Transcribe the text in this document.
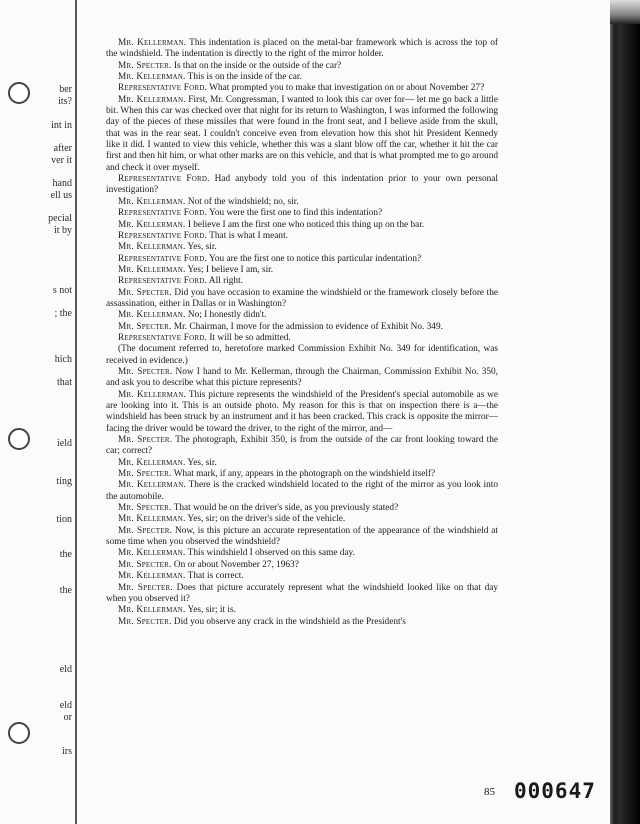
ber
its?
int in
after
ver it
hand
ell us
pecial
it by
s not
; the
hich
that
ield
ting
tion
the
the
eld
eld
or
irs

Mr. Kellerman. This indentation is placed on the metal-bar framework which is across the top of the windshield. The indentation is directly to the right of the mirror holder.

Mr. Specter. Is that on the inside or the outside of the car?

Mr. Kellerman. This is on the inside of the car.

Representative Ford. What prompted you to make that investigation on or about November 27?

Mr. Kellerman. First, Mr. Congressman, I wanted to look this car over for— let me go back a little bit. When this car was checked over that night for its return to Washington, I was informed the following day of the pieces of these missiles that were found in the front seat, and I believe aside from the skull, that was in the rear seat. I couldn't conceive even from elevation how this shot hit President Kennedy like it did. I wanted to view this vehicle, whether this was a slant blow off the car, whether it hit the car first and then hit him, or what other marks are on this vehicle, and that is what prompted me to go around and check it over myself.

Representative Ford. Had anybody told you of this indentation prior to your own personal investigation?

Mr. Kellerman. Not of the windshield; no, sir.

Representative Ford. You were the first one to find this indentation?

Mr. Kellerman. I believe I am the first one who noticed this thing up on the bar.

Representative Ford. That is what I meant.

Mr. Kellerman. Yes, sir.

Representative Ford. You are the first one to notice this particular indentation?

Mr. Kellerman. Yes; I believe I am, sir.

Representative Ford. All right.

Mr. Specter. Did you have occasion to examine the windshield or the framework closely before the assassination, either in Dallas or in Washington?

Mr. Kellerman. No; I honestly didn't.

Mr. Specter. Mr. Chairman, I move for the admission to evidence of Exhibit No. 349.

Representative Ford. It will be so admitted.

(The document referred to, heretofore marked Commission Exhibit No. 349 for identification, was received in evidence.)

Mr. Specter. Now I hand to Mr. Kellerman, through the Chairman, Commission Exhibit No. 350, and ask you to describe what this picture represents?

Mr. Kellerman. This picture represents the windshield of the President's special automobile as we are looking into it. This is an outside photo. My reason for this is that on inspection there is a—the windshield has been struck by an instrument and it has been cracked. This crack is opposite the mirror— facing the driver would be toward the driver, to the right of the mirror, and—

Mr. Specter. The photograph, Exhibit 350, is from the outside of the car front looking toward the car; correct?

Mr. Kellerman. Yes, sir.

Mr. Specter. What mark, if any, appears in the photograph on the windshield itself?

Mr. Kellerman. There is the cracked windshield located to the right of the mirror as you look into the automobile.

Mr. Specter. That would be on the driver's side, as you previously stated?

Mr. Kellerman. Yes, sir; on the driver's side of the vehicle.

Mr. Specter. Now, is this picture an accurate representation of the appearance of the windshield at some time when you observed the windshield?

Mr. Kellerman. This windshield I observed on this same day.

Mr. Specter. On or about November 27, 1963?

Mr. Kellerman. That is correct.

Mr. Specter. Does that picture accurately represent what the windshield looked like on that day when you observed it?

Mr. Kellerman. Yes, sir; it is.

Mr. Specter. Did you observe any crack in the windshield as the President's

85 000647
